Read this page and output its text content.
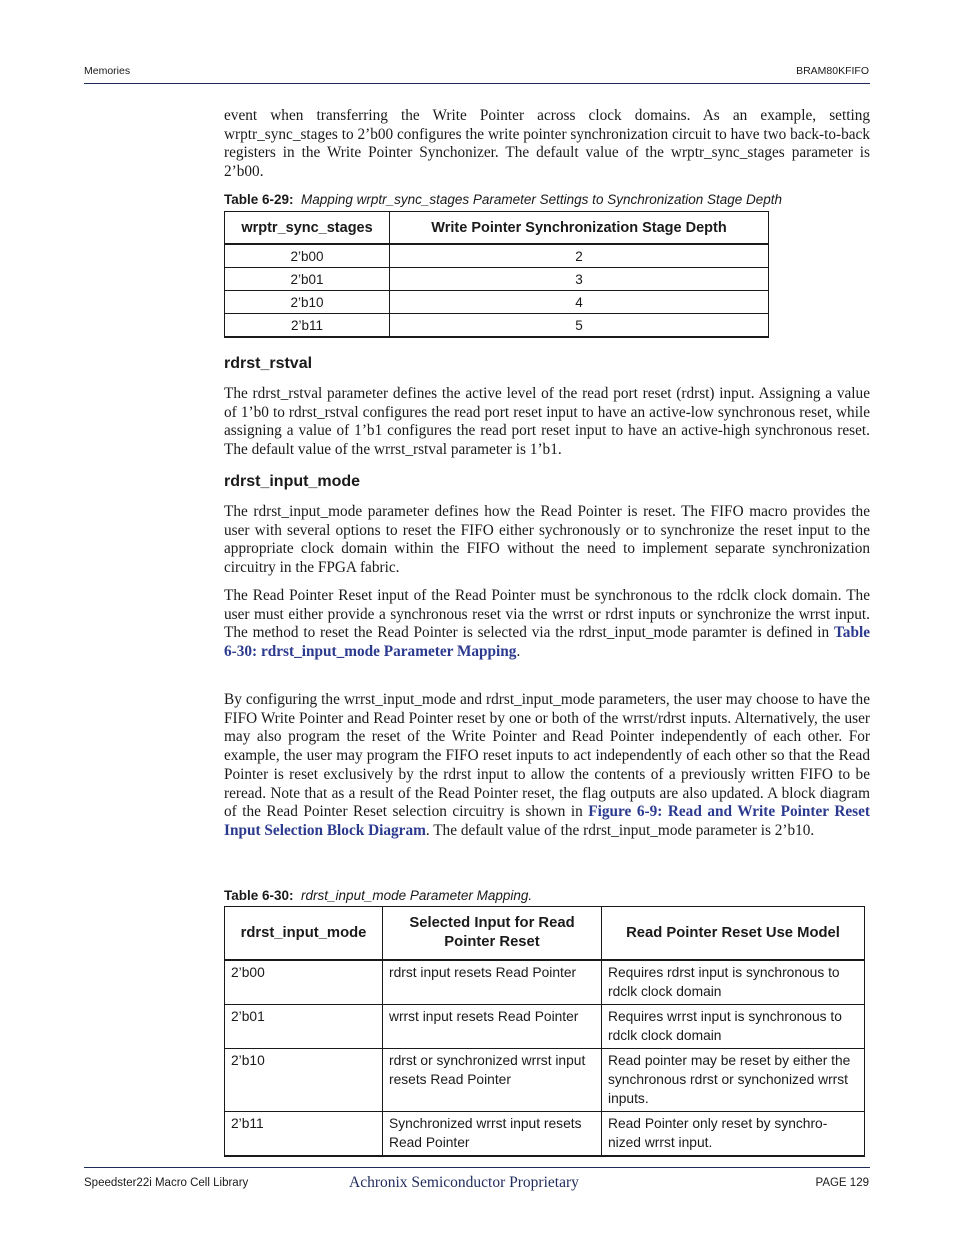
Memories	BRAM80KFIFO

event when transferring the Write Pointer across clock domains. As an example, setting wrptr_sync_stages to 2’b00 configures the write pointer synchronization circuit to have two back-to-back registers in the Write Pointer Synchonizer. The default value of the wrptr_sync_stages parameter is 2’b00.

Table 6-29: Mapping wrptr_sync_stages Parameter Settings to Synchronization Stage Depth
wrptr_sync_stages	Write Pointer Synchronization Stage Depth
2’b00	2
2’b01	3
2’b10	4
2’b11	5
rdrst_rstval

The rdrst_rstval parameter defines the active level of the read port reset (rdrst) input. Assigning a value of 1’b0 to rdrst_rstval configures the read port reset input to have an active-low synchronous reset, while assigning a value of 1’b1 configures the read port reset input to have an active-high synchronous reset. The default value of the wrrst_rstval parameter is 1’b1.

rdrst_input_mode

The rdrst_input_mode parameter defines how the Read Pointer is reset. The FIFO macro provides the user with several options to reset the FIFO either sychronously or to synchronize the reset input to the appropriate clock domain within the FIFO without the need to implement separate synchronization circuitry in the FPGA fabric.

The Read Pointer Reset input of the Read Pointer must be synchronous to the rdclk clock domain. The user must either provide a synchronous reset via the wrrst or rdrst inputs or synchronize the wrrst input. The method to reset the Read Pointer is selected via the rdrst_input_mode paramter is defined in Table 6-30: rdrst_input_mode Parameter Mapping.

By configuring the wrrst_input_mode and rdrst_input_mode parameters, the user may choose to have the FIFO Write Pointer and Read Pointer reset by one or both of the wrrst/rdrst inputs. Alternatively, the user may also program the reset of the Write Pointer and Read Pointer independently of each other. For example, the user may program the FIFO reset inputs to act independently of each other so that the Read Pointer is reset exclusively by the rdrst input to allow the contents of a previously written FIFO to be reread. Note that as a result of the Read Pointer reset, the flag outputs are also updated. A block diagram of the Read Pointer Reset selection circuitry is shown in Figure 6-9: Read and Write Pointer Reset Input Selection Block Diagram. The default value of the rdrst_input_mode parameter is 2’b10.

Table 6-30: rdrst_input_mode Parameter Mapping.
rdrst_input_mode	Selected Input for Read Pointer Reset	Read Pointer Reset Use Model
2’b00	rdrst input resets Read Pointer	Requires rdrst input is synchronous to rdclk clock domain
2’b01	wrrst input resets Read Pointer	Requires wrrst input is synchronous to rdclk clock domain
2’b10	rdrst or synchronized wrrst input resets Read Pointer	Read pointer may be reset by either the synchronous rdrst or synchonized wrrst inputs.
2’b11	Synchronized wrrst input resets Read Pointer	Read Pointer only reset by synchro-nized wrrst input.
Speedster22i Macro Cell Library	Achronix Semiconductor Proprietary	PAGE 129
